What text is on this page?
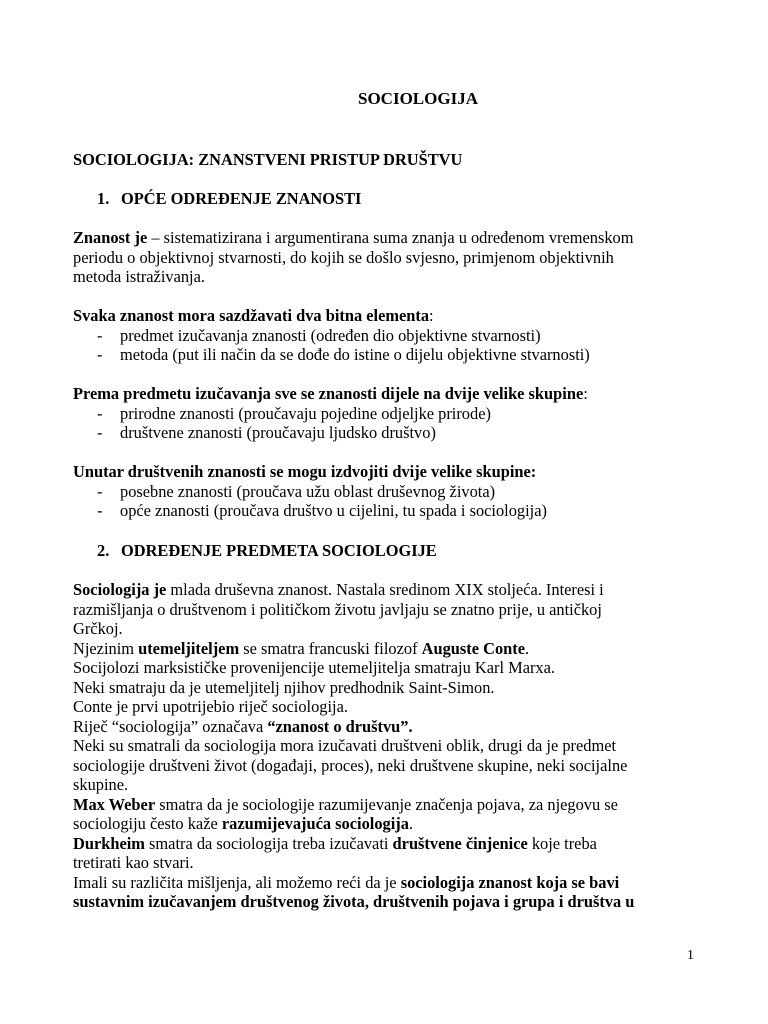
SOCIOLOGIJA
SOCIOLOGIJA: ZNANSTVENI PRISTUP DRUŠTVU
1. OPĆE ODREĐENJE ZNANOSTI

Znanost je – sistematizirana i argumentirana suma znanja u određenom vremenskom

periodu o objektivnoj stvarnosti, do kojih se došlo svjesno, primjenom objektivnih

metoda istraživanja.

Svaka znanost mora sazdžavati dva bitna elementa:

- predmet izučavanja znanosti (određen dio objektivne stvarnosti)
- metoda (put ili način da se dođe do istine o dijelu objektivne stvarnosti)

Prema predmetu izučavanja sve se znanosti dijele na dvije velike skupine:

- prirodne znanosti (proučavaju pojedine odjeljke prirode)
- društvene znanosti (proučavaju ljudsko društvo)

Unutar društvenih znanosti se mogu izdvojiti dvije velike skupine:

- posebne znanosti (proučava užu oblast druševnog života)
- opće znanosti (proučava društvo u cijelini, tu spada i sociologija)
2. ODREĐENJE PREDMETA SOCIOLOGIJE

Sociologija je mlada druševna znanost. Nastala sredinom XIX stoljeća. Interesi i

razmišljanja o društvenom i političkom životu javljaju se znatno prije, u antičkoj

Grčkoj.

Njezinim utemeljiteljem se smatra francuski filozof Auguste Conte.

Socijolozi marksističke provenijencije utemeljitelja smatraju Karl Marxa.

Neki smatraju da je utemeljitelj njihov predhodnik Saint-Simon.

Conte je prvi upotrijebio riječ sociologija.

Riječ “sociologija” označava “znanost o društvu”.

Neki su smatrali da sociologija mora izučavati društveni oblik, drugi da je predmet

sociologije društveni život (događaji, proces), neki društvene skupine, neki socijalne

skupine.

Max Weber smatra da je sociologije razumijevanje značenja pojava, za njegovu se

sociologiju često kaže razumijevajuća sociologija.

Durkheim smatra da sociologija treba izučavati društvene činjenice koje treba

tretirati kao stvari.

Imali su različita mišljenja, ali možemo reći da je sociologija znanost koja se bavi

sustavnim izučavanjem društvenog života, društvenih pojava i grupa i društva u

1
